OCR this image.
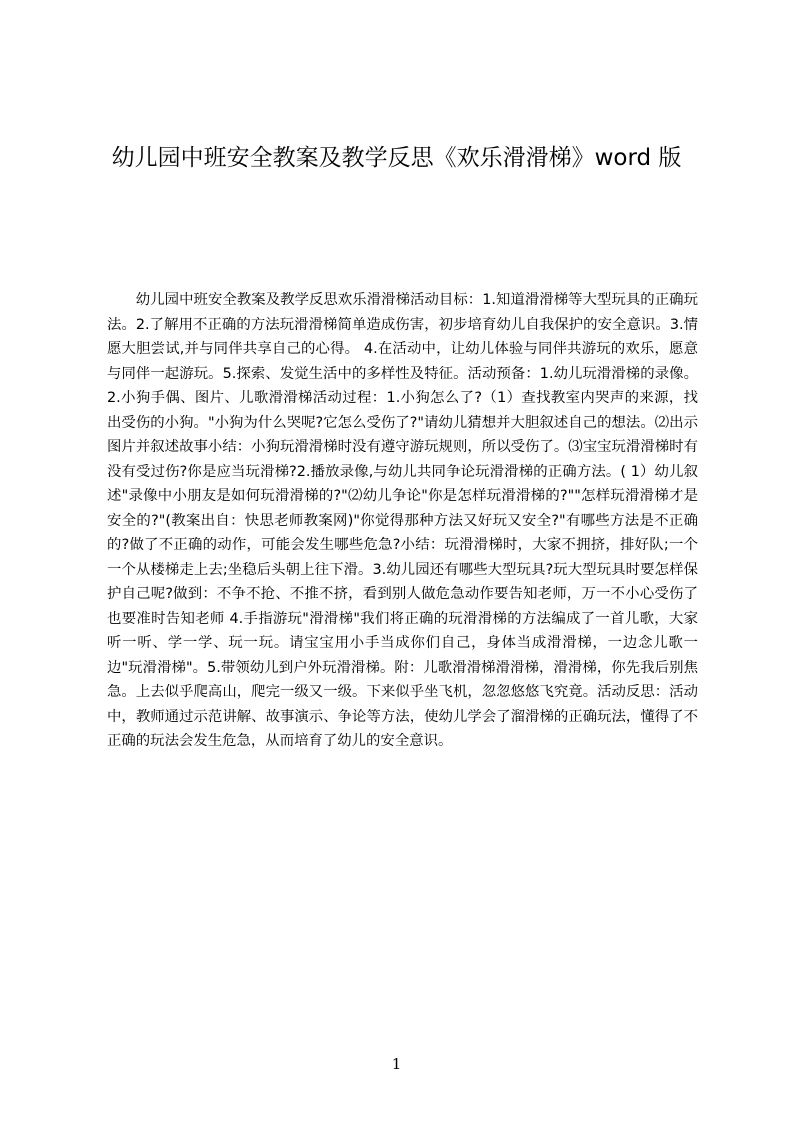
幼儿园中班安全教案及教学反思《欢乐滑滑梯》word 版

幼儿园中班安全教案及教学反思欢乐滑滑梯活动目标：1.知道滑滑梯等大型玩具的正确玩法。2.了解用不正确的方法玩滑滑梯简单造成伤害，初步培育幼儿自我保护的安全意识。3.情愿大胆尝试,并与同伴共享自己的心得。 4.在活动中，让幼儿体验与同伴共游玩的欢乐，愿意与同伴一起游玩。5.探索、发觉生活中的多样性及特征。活动预备：1.幼儿玩滑滑梯的录像。2.小狗手偶、图片、儿歌滑滑梯活动过程：1.小狗怎么了?（1）查找教室内哭声的来源，找出受伤的小狗。"小狗为什么哭呢?它怎么受伤了?"请幼儿猜想并大胆叙述自己的想法。⑵出示图片并叙述故事小结：小狗玩滑滑梯时没有遵守游玩规则，所以受伤了。⑶宝宝玩滑滑梯时有没有受过伤?你是应当玩滑梯?2.播放录像,与幼儿共同争论玩滑滑梯的正确方法。( 1）幼儿叙述"录像中小朋友是如何玩滑滑梯的?"⑵幼儿争论"你是怎样玩滑滑梯的?""怎样玩滑滑梯才是安全的?"(教案出自：快思老师教案网)"你觉得那种方法又好玩又安全?"有哪些方法是不正确的?做了不正确的动作，可能会发生哪些危急?小结：玩滑滑梯时，大家不拥挤，排好队;一个一个从楼梯走上去;坐稳后头朝上往下滑。3.幼儿园还有哪些大型玩具?玩大型玩具时要怎样保护自己呢?做到：不争不抢、不推不挤，看到别人做危急动作要告知老师，万一不小心受伤了也要准时告知老师 4.手指游玩"滑滑梯"我们将正确的玩滑滑梯的方法编成了一首儿歌，大家听一听、学一学、玩一玩。请宝宝用小手当成你们自己，身体当成滑滑梯，一边念儿歌一边"玩滑滑梯"。5.带领幼儿到户外玩滑滑梯。附：儿歌滑滑梯滑滑梯，滑滑梯，你先我后别焦急。上去似乎爬高山，爬完一级又一级。下来似乎坐飞机，忽忽悠悠飞究竟。活动反思：活动中，教师通过示范讲解、故事演示、争论等方法，使幼儿学会了溜滑梯的正确玩法，懂得了不正确的玩法会发生危急，从而培育了幼儿的安全意识。

1
